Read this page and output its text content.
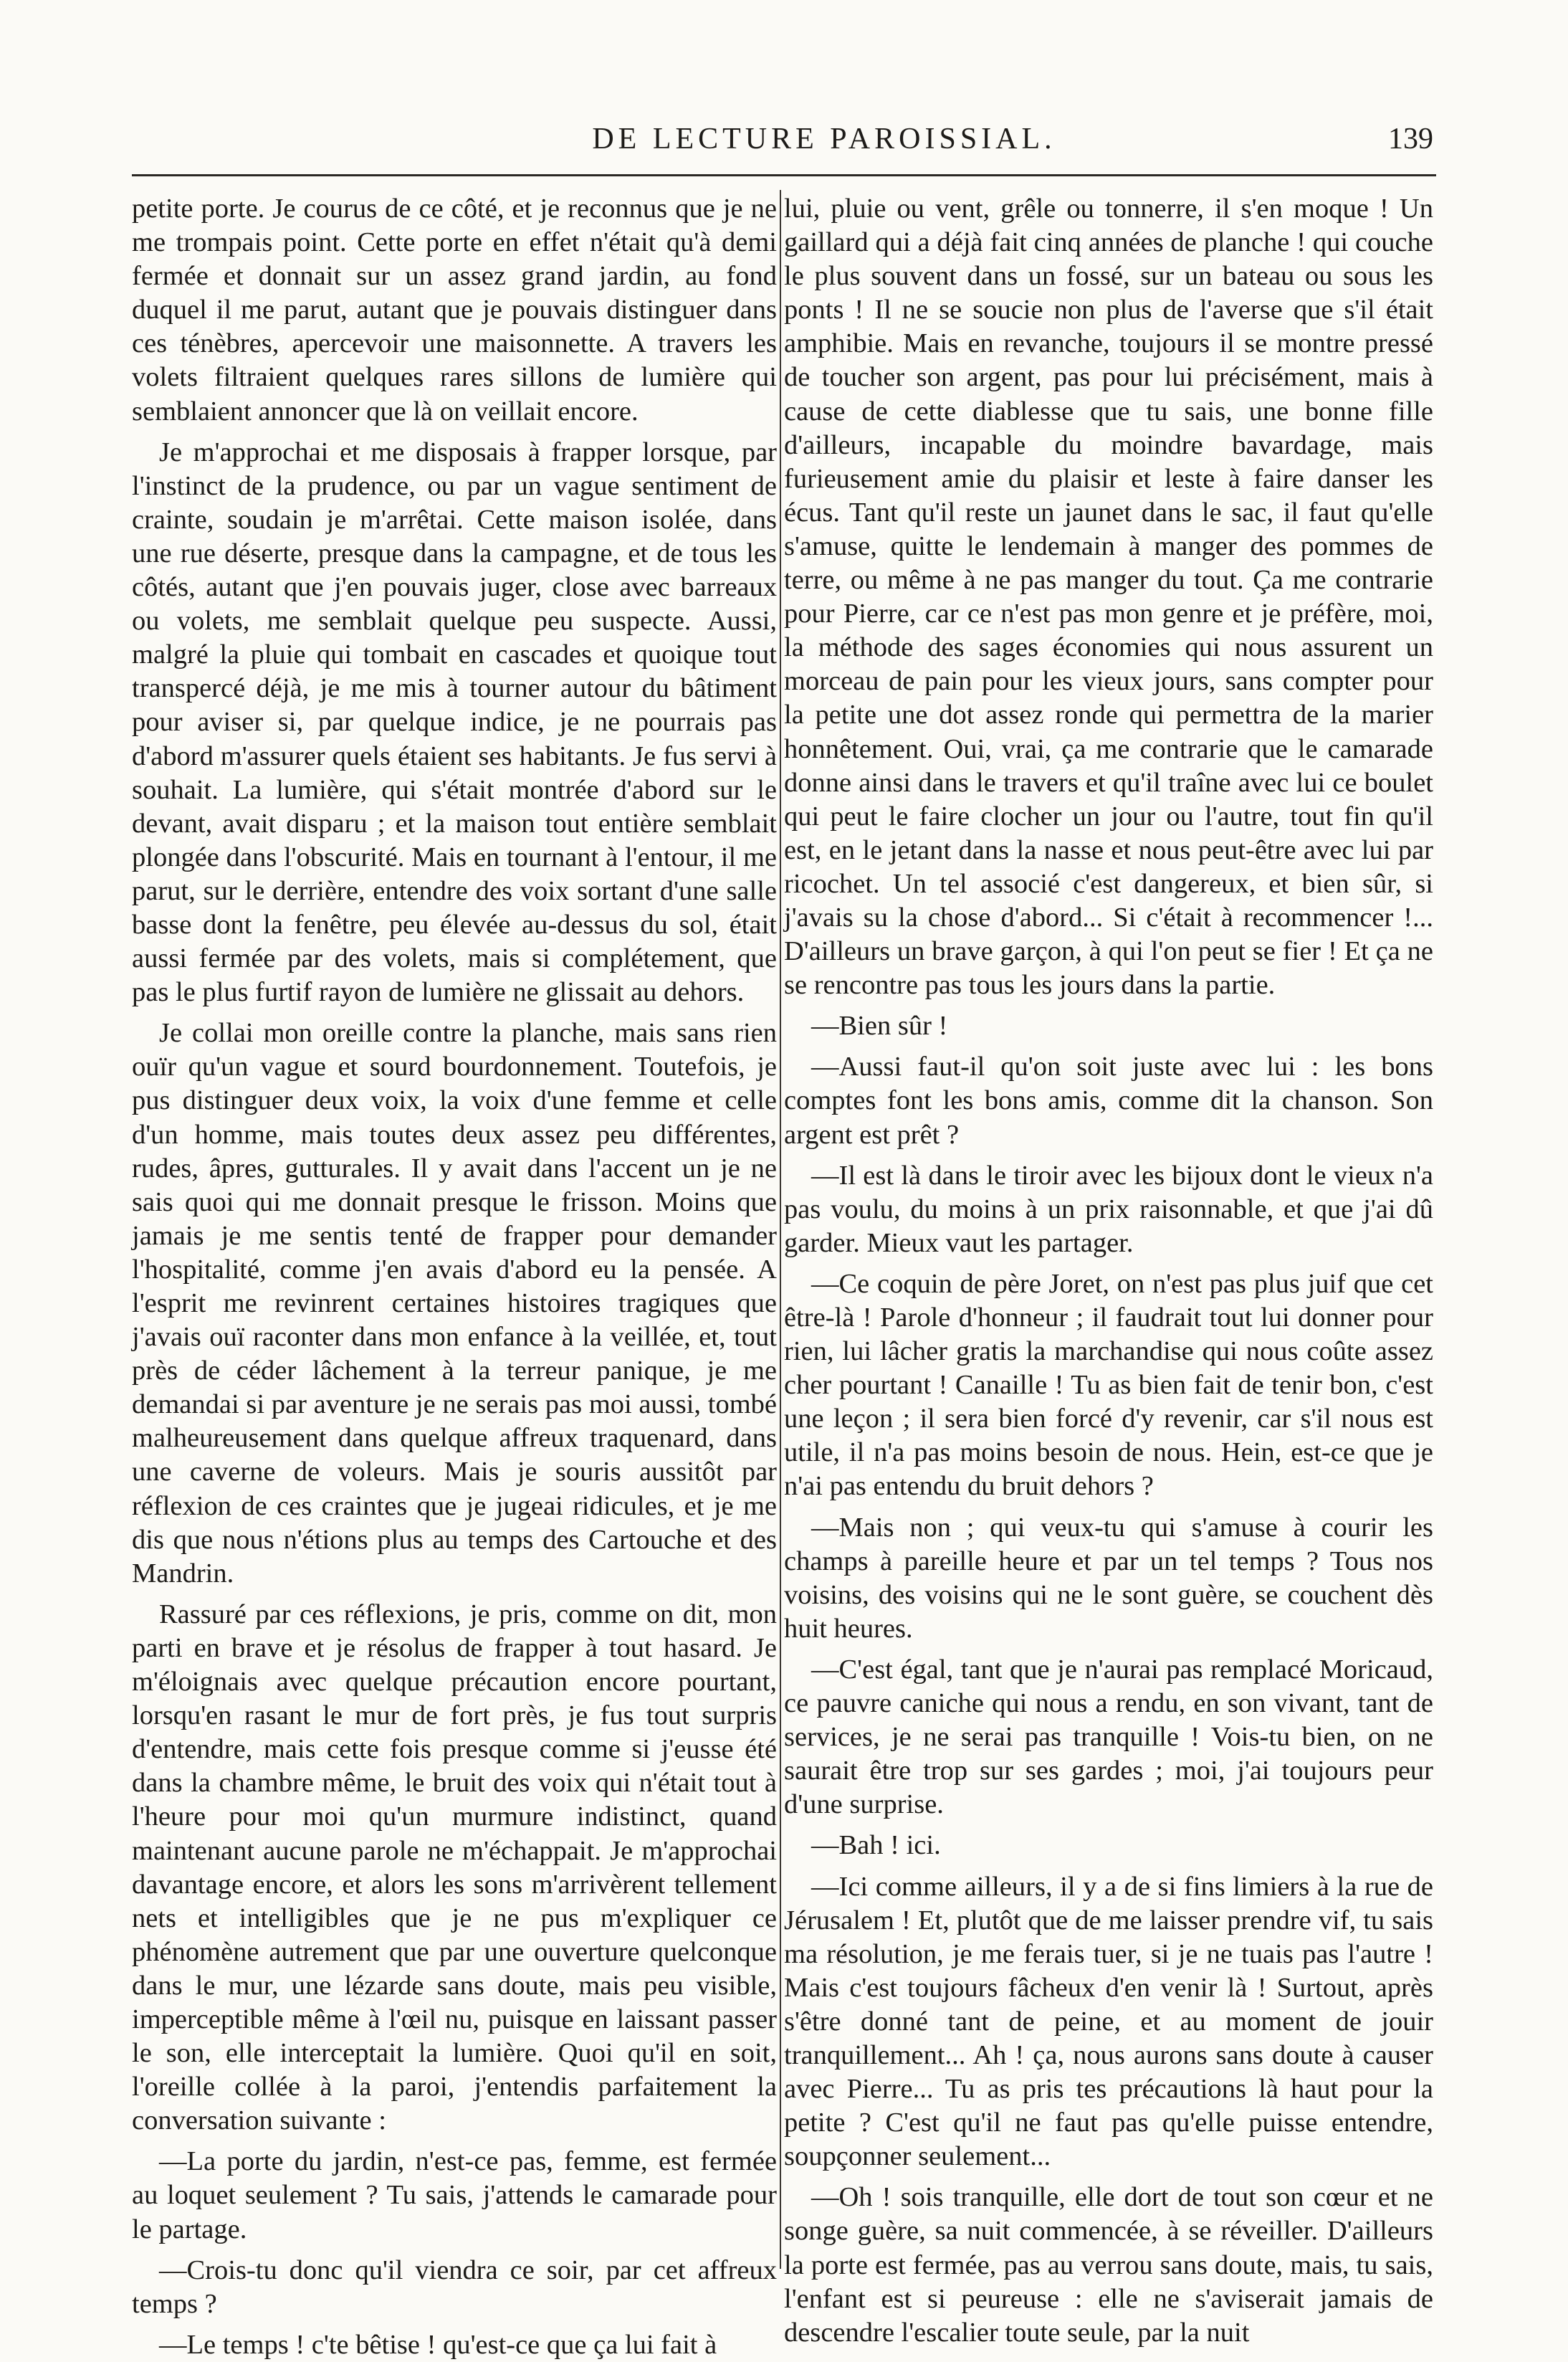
DE LECTURE PAROISSIAL.	139

petite porte. Je courus de ce côté, et je reconnus que je ne me trompais point. Cette porte en effet n'était qu'à demi fermée et donnait sur un assez grand jardin, au fond duquel il me parut, autant que je pouvais distinguer dans ces ténèbres, apercevoir une maisonnette. A travers les volets filtraient quelques rares sillons de lumière qui semblaient annoncer que là on veillait encore.

Je m'approchai et me disposais à frapper lorsque, par l'instinct de la prudence, ou par un vague sentiment de crainte, soudain je m'arrêtai. Cette maison isolée, dans une rue déserte, presque dans la campagne, et de tous les côtés, autant que j'en pouvais juger, close avec barreaux ou volets, me semblait quelque peu suspecte. Aussi, malgré la pluie qui tombait en cascades et quoique tout transpercé déjà, je me mis à tourner autour du bâtiment pour aviser si, par quelque indice, je ne pourrais pas d'abord m'assurer quels étaient ses habitants. Je fus servi à souhait. La lumière, qui s'était montrée d'abord sur le devant, avait disparu ; et la maison tout entière semblait plongée dans l'obscurité. Mais en tournant à l'entour, il me parut, sur le derrière, entendre des voix sortant d'une salle basse dont la fenêtre, peu élevée au-dessus du sol, était aussi fermée par des volets, mais si complétement, que pas le plus furtif rayon de lumière ne glissait au dehors.

Je collai mon oreille contre la planche, mais sans rien ouïr qu'un vague et sourd bourdonnement. Toutefois, je pus distinguer deux voix, la voix d'une femme et celle d'un homme, mais toutes deux assez peu différentes, rudes, âpres, gutturales. Il y avait dans l'accent un je ne sais quoi qui me donnait presque le frisson. Moins que jamais je me sentis tenté de frapper pour demander l'hospitalité, comme j'en avais d'abord eu la pensée. A l'esprit me revinrent certaines histoires tragiques que j'avais ouï raconter dans mon enfance à la veillée, et, tout près de céder lâchement à la terreur panique, je me demandai si par aventure je ne serais pas moi aussi, tombé malheureusement dans quelque affreux traquenard, dans une caverne de voleurs. Mais je souris aussitôt par réflexion de ces craintes que je jugeai ridicules, et je me dis que nous n'étions plus au temps des Cartouche et des Mandrin.

Rassuré par ces réflexions, je pris, comme on dit, mon parti en brave et je résolus de frapper à tout hasard. Je m'éloignais avec quelque précaution encore pourtant, lorsqu'en rasant le mur de fort près, je fus tout surpris d'entendre, mais cette fois presque comme si j'eusse été dans la chambre même, le bruit des voix qui n'était tout à l'heure pour moi qu'un murmure indistinct, quand maintenant aucune parole ne m'échappait. Je m'approchai davantage encore, et alors les sons m'arrivèrent tellement nets et intelligibles que je ne pus m'expliquer ce phénomène autrement que par une ouverture quelconque dans le mur, une lézarde sans doute, mais peu visible, imperceptible même à l'œil nu, puisque en laissant passer le son, elle interceptait la lumière. Quoi qu'il en soit, l'oreille collée à la paroi, j'entendis parfaitement la conversation suivante :

—La porte du jardin, n'est-ce pas, femme, est fermée au loquet seulement ? Tu sais, j'attends le camarade pour le partage.

—Crois-tu donc qu'il viendra ce soir, par cet affreux temps ?

—Le temps ! c'te bêtise ! qu'est-ce que ça lui fait à

lui, pluie ou vent, grêle ou tonnerre, il s'en moque ! Un gaillard qui a déjà fait cinq années de planche ! qui couche le plus souvent dans un fossé, sur un bateau ou sous les ponts ! Il ne se soucie non plus de l'averse que s'il était amphibie. Mais en revanche, toujours il se montre pressé de toucher son argent, pas pour lui précisément, mais à cause de cette diablesse que tu sais, une bonne fille d'ailleurs, incapable du moindre bavardage, mais furieusement amie du plaisir et leste à faire danser les écus. Tant qu'il reste un jaunet dans le sac, il faut qu'elle s'amuse, quitte le lendemain à manger des pommes de terre, ou même à ne pas manger du tout. Ça me contrarie pour Pierre, car ce n'est pas mon genre et je préfère, moi, la méthode des sages économies qui nous assurent un morceau de pain pour les vieux jours, sans compter pour la petite une dot assez ronde qui permettra de la marier honnêtement. Oui, vrai, ça me contrarie que le camarade donne ainsi dans le travers et qu'il traîne avec lui ce boulet qui peut le faire clocher un jour ou l'autre, tout fin qu'il est, en le jetant dans la nasse et nous peut-être avec lui par ricochet. Un tel associé c'est dangereux, et bien sûr, si j'avais su la chose d'abord... Si c'était à recommencer !... D'ailleurs un brave garçon, à qui l'on peut se fier ! Et ça ne se rencontre pas tous les jours dans la partie.

—Bien sûr !

—Aussi faut-il qu'on soit juste avec lui : les bons comptes font les bons amis, comme dit la chanson. Son argent est prêt ?

—Il est là dans le tiroir avec les bijoux dont le vieux n'a pas voulu, du moins à un prix raisonnable, et que j'ai dû garder. Mieux vaut les partager.

—Ce coquin de père Joret, on n'est pas plus juif que cet être-là ! Parole d'honneur ; il faudrait tout lui donner pour rien, lui lâcher gratis la marchandise qui nous coûte assez cher pourtant ! Canaille ! Tu as bien fait de tenir bon, c'est une leçon ; il sera bien forcé d'y revenir, car s'il nous est utile, il n'a pas moins besoin de nous. Hein, est-ce que je n'ai pas entendu du bruit dehors ?

—Mais non ; qui veux-tu qui s'amuse à courir les champs à pareille heure et par un tel temps ? Tous nos voisins, des voisins qui ne le sont guère, se couchent dès huit heures.

—C'est égal, tant que je n'aurai pas remplacé Moricaud, ce pauvre caniche qui nous a rendu, en son vivant, tant de services, je ne serai pas tranquille ! Vois-tu bien, on ne saurait être trop sur ses gardes ; moi, j'ai toujours peur d'une surprise.

—Bah ! ici.

—Ici comme ailleurs, il y a de si fins limiers à la rue de Jérusalem ! Et, plutôt que de me laisser prendre vif, tu sais ma résolution, je me ferais tuer, si je ne tuais pas l'autre ! Mais c'est toujours fâcheux d'en venir là ! Surtout, après s'être donné tant de peine, et au moment de jouir tranquillement... Ah ! ça, nous aurons sans doute à causer avec Pierre... Tu as pris tes précautions là haut pour la petite ? C'est qu'il ne faut pas qu'elle puisse entendre, soupçonner seulement...

—Oh ! sois tranquille, elle dort de tout son cœur et ne songe guère, sa nuit commencée, à se réveiller. D'ailleurs la porte est fermée, pas au verrou sans doute, mais, tu sais, l'enfant est si peureuse : elle ne s'aviserait jamais de descendre l'escalier toute seule, par la nuit
